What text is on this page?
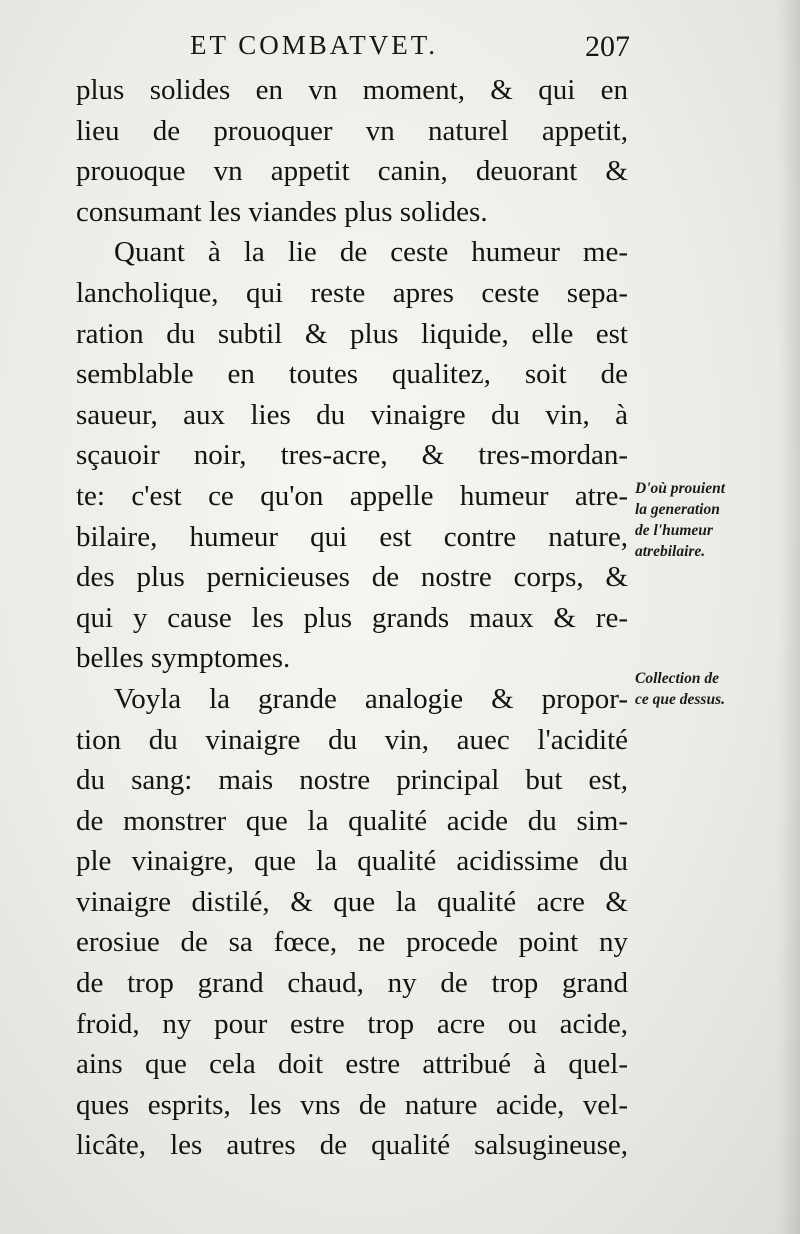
ET COMBATVET.	207
plus solides en vn moment, & qui en
lieu de prouoquer vn naturel appetit,
prouoque vn appetit canin, deuorant &
consumant les viandes plus solides.
Quant à la lie de ceste humeur me-
lancholique, qui reste apres ceste sepa-
ration du subtil & plus liquide, elle est
semblable en toutes qualitez, soit de
saueur, aux lies du vinaigre du vin, à
sçauoir noir, tres-acre, & tres-mordan-
te: c'est ce qu'on appelle humeur atre-
bilaire, humeur qui est contre nature,
des plus pernicieuses de nostre corps, &
qui y cause les plus grands maux & re-
belles symptomes.
Voyla la grande analogie & propor-
tion du vinaigre du vin, auec l'acidité
du sang: mais nostre principal but est,
de monstrer que la qualité acide du sim-
ple vinaigre, que la qualité acidissime du
vinaigre distilé, & que la qualité acre &
erosiue de sa fœce, ne procede point ny
de trop grand chaud, ny de trop grand
froid, ny pour estre trop acre ou acide,
ains que cela doit estre attribué à quel-
ques esprits, les vns de nature acide, vel-
licâte, les autres de qualité salsugineuse,
D'où prouient
la generation
de l'humeur
atrebilaire.
Collection de
ce que dessus.
